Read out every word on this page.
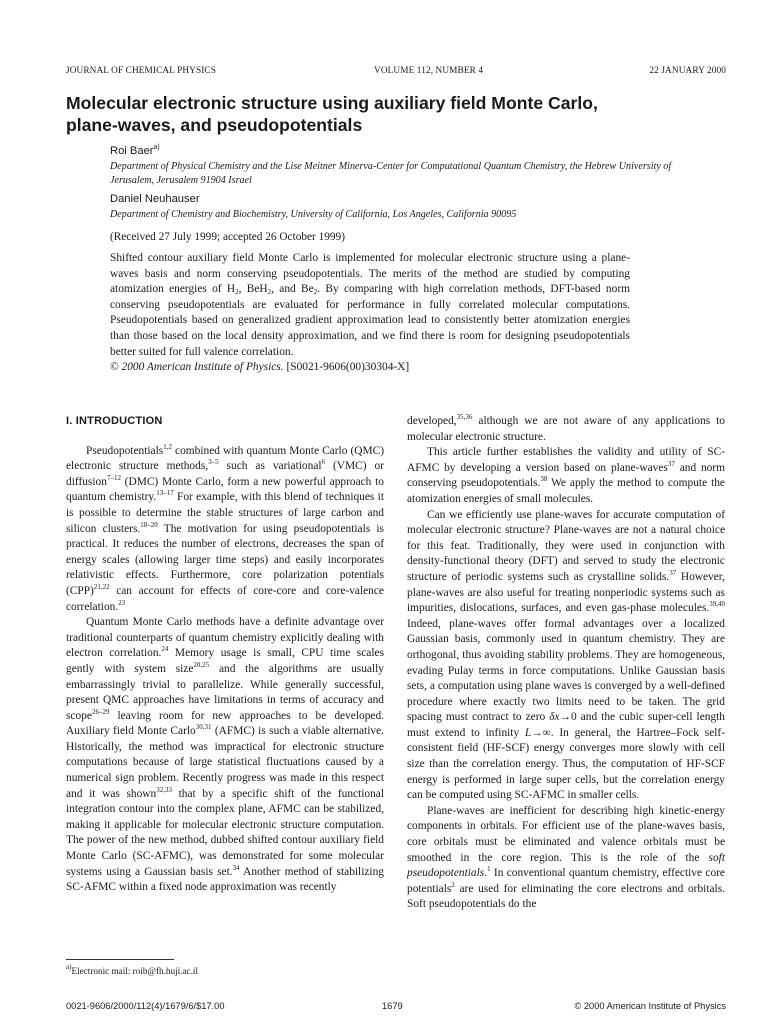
JOURNAL OF CHEMICAL PHYSICS	VOLUME 112, NUMBER 4	22 JANUARY 2000
Molecular electronic structure using auxiliary field Monte Carlo,
plane-waves, and pseudopotentials
Roi Baer$^{a)}$
Department of Physical Chemistry and the Lise Meitner Minerva-Center for Computational Quantum Chemistry, the Hebrew University of Jerusalem, Jerusalem 91904 Israel
Daniel Neuhauser
Department of Chemistry and Biochemistry, University of California, Los Angeles, California 90095
(Received 27 July 1999; accepted 26 October 1999)

Shifted contour auxiliary field Monte Carlo is implemented for molecular electronic structure using a plane-waves basis and norm conserving pseudopotentials. The merits of the method are studied by computing atomization energies of $H_2$, BeH$_2$, and $Be_2$. By comparing with high correlation methods, DFT-based norm conserving pseudopotentials are evaluated for performance in fully correlated molecular computations. Pseudopotentials based on generalized gradient approximation lead to consistently better atomization energies than those based on the local density approximation, and we find there is room for designing pseudopotentials better suited for full valence correlation.
© 2000 American Institute of Physics. [S0021-9606(00)30304-X]

I. INTRODUCTION

Pseudopotentials$^{1,2}$ combined with quantum Monte Carlo (QMC) electronic structure methods,$^{3-5}$ such as variational$^6$ (VMC) or diffusion$^{7-12}$ (DMC) Monte Carlo, form a new powerful approach to quantum chemistry.$^{13-17}$ For example, with this blend of techniques it is possible to determine the stable structures of large carbon and silicon clusters.$^{18-20}$ The motivation for using pseudopotentials is practical. It reduces the number of electrons, decreases the span of energy scales (allowing larger time steps) and easily incorporates relativistic effects. Furthermore, core polarization potentials (CPP)$^{21,22}$ can account for effects of core-core and core-valence correlation.$^{23}$

Quantum Monte Carlo methods have a definite advantage over traditional counterparts of quantum chemistry explicitly dealing with electron correlation.$^{24}$ Memory usage is small, CPU time scales gently with system size$^{20,25}$ and the algorithms are usually embarrassingly trivial to parallelize. While generally successful, present QMC approaches have limitations in terms of accuracy and scope$^{26-29}$ leaving room for new approaches to be developed. Auxiliary field Monte Carlo$^{30,31}$ (AFMC) is such a viable alternative. Historically, the method was impractical for electronic structure computations because of large statistical fluctuations caused by a numerical sign problem. Recently progress was made in this respect and it was shown$^{32,33}$ that by a specific shift of the functional integration contour into the complex plane, AFMC can be stabilized, making it applicable for molecular electronic structure computation. The power of the new method, dubbed shifted contour auxiliary field Monte Carlo (SC-AFMC), was demonstrated for some molecular systems using a Gaussian basis set.$^{34}$ Another method of stabilizing SC-AFMC within a fixed node approximation was recently

developed,$^{35,36}$ although we are not aware of any applications to molecular electronic structure.

This article further establishes the validity and utility of SC-AFMC by developing a version based on plane-waves$^{37}$ and norm conserving pseudopotentials.$^{38}$ We apply the method to compute the atomization energies of small molecules.

Can we efficiently use plane-waves for accurate computation of molecular electronic structure? Plane-waves are not a natural choice for this feat. Traditionally, they were used in conjunction with density-functional theory (DFT) and served to study the electronic structure of periodic systems such as crystalline solids.$^{37}$ However, plane-waves are also useful for treating nonperiodic systems such as impurities, dislocations, surfaces, and even gas-phase molecules.$^{39,40}$ Indeed, plane-waves offer formal advantages over a localized Gaussian basis, commonly used in quantum chemistry. They are orthogonal, thus avoiding stability problems. They are homogeneous, evading Pulay terms in force computations. Unlike Gaussian basis sets, a computation using plane waves is converged by a well-defined procedure where exactly two limits need to be taken. The grid spacing must contract to zero δx→0 and the cubic super-cell length must extend to infinity L→∞. In general, the Hartree–Fock self-consistent field (HF-SCF) energy converges more slowly with cell size than the correlation energy. Thus, the computation of HF-SCF energy is performed in large super cells, but the correlation energy can be computed using SC-AFMC in smaller cells.

Plane-waves are inefficient for describing high kinetic-energy components in orbitals. For efficient use of the plane-waves basis, core orbitals must be eliminated and valence orbitals must be smoothed in the core region. This is the role of the soft pseudopotentials.$^1$ In conventional quantum chemistry, effective core potentials$^2$ are used for eliminating the core electrons and orbitals. Soft pseudopotentials do the

$^{a)}$Electronic mail: roib@fh.huji.ac.il
0021-9606/2000/112(4)/1679/6/$17.00	1679	© 2000 American Institute of Physics
